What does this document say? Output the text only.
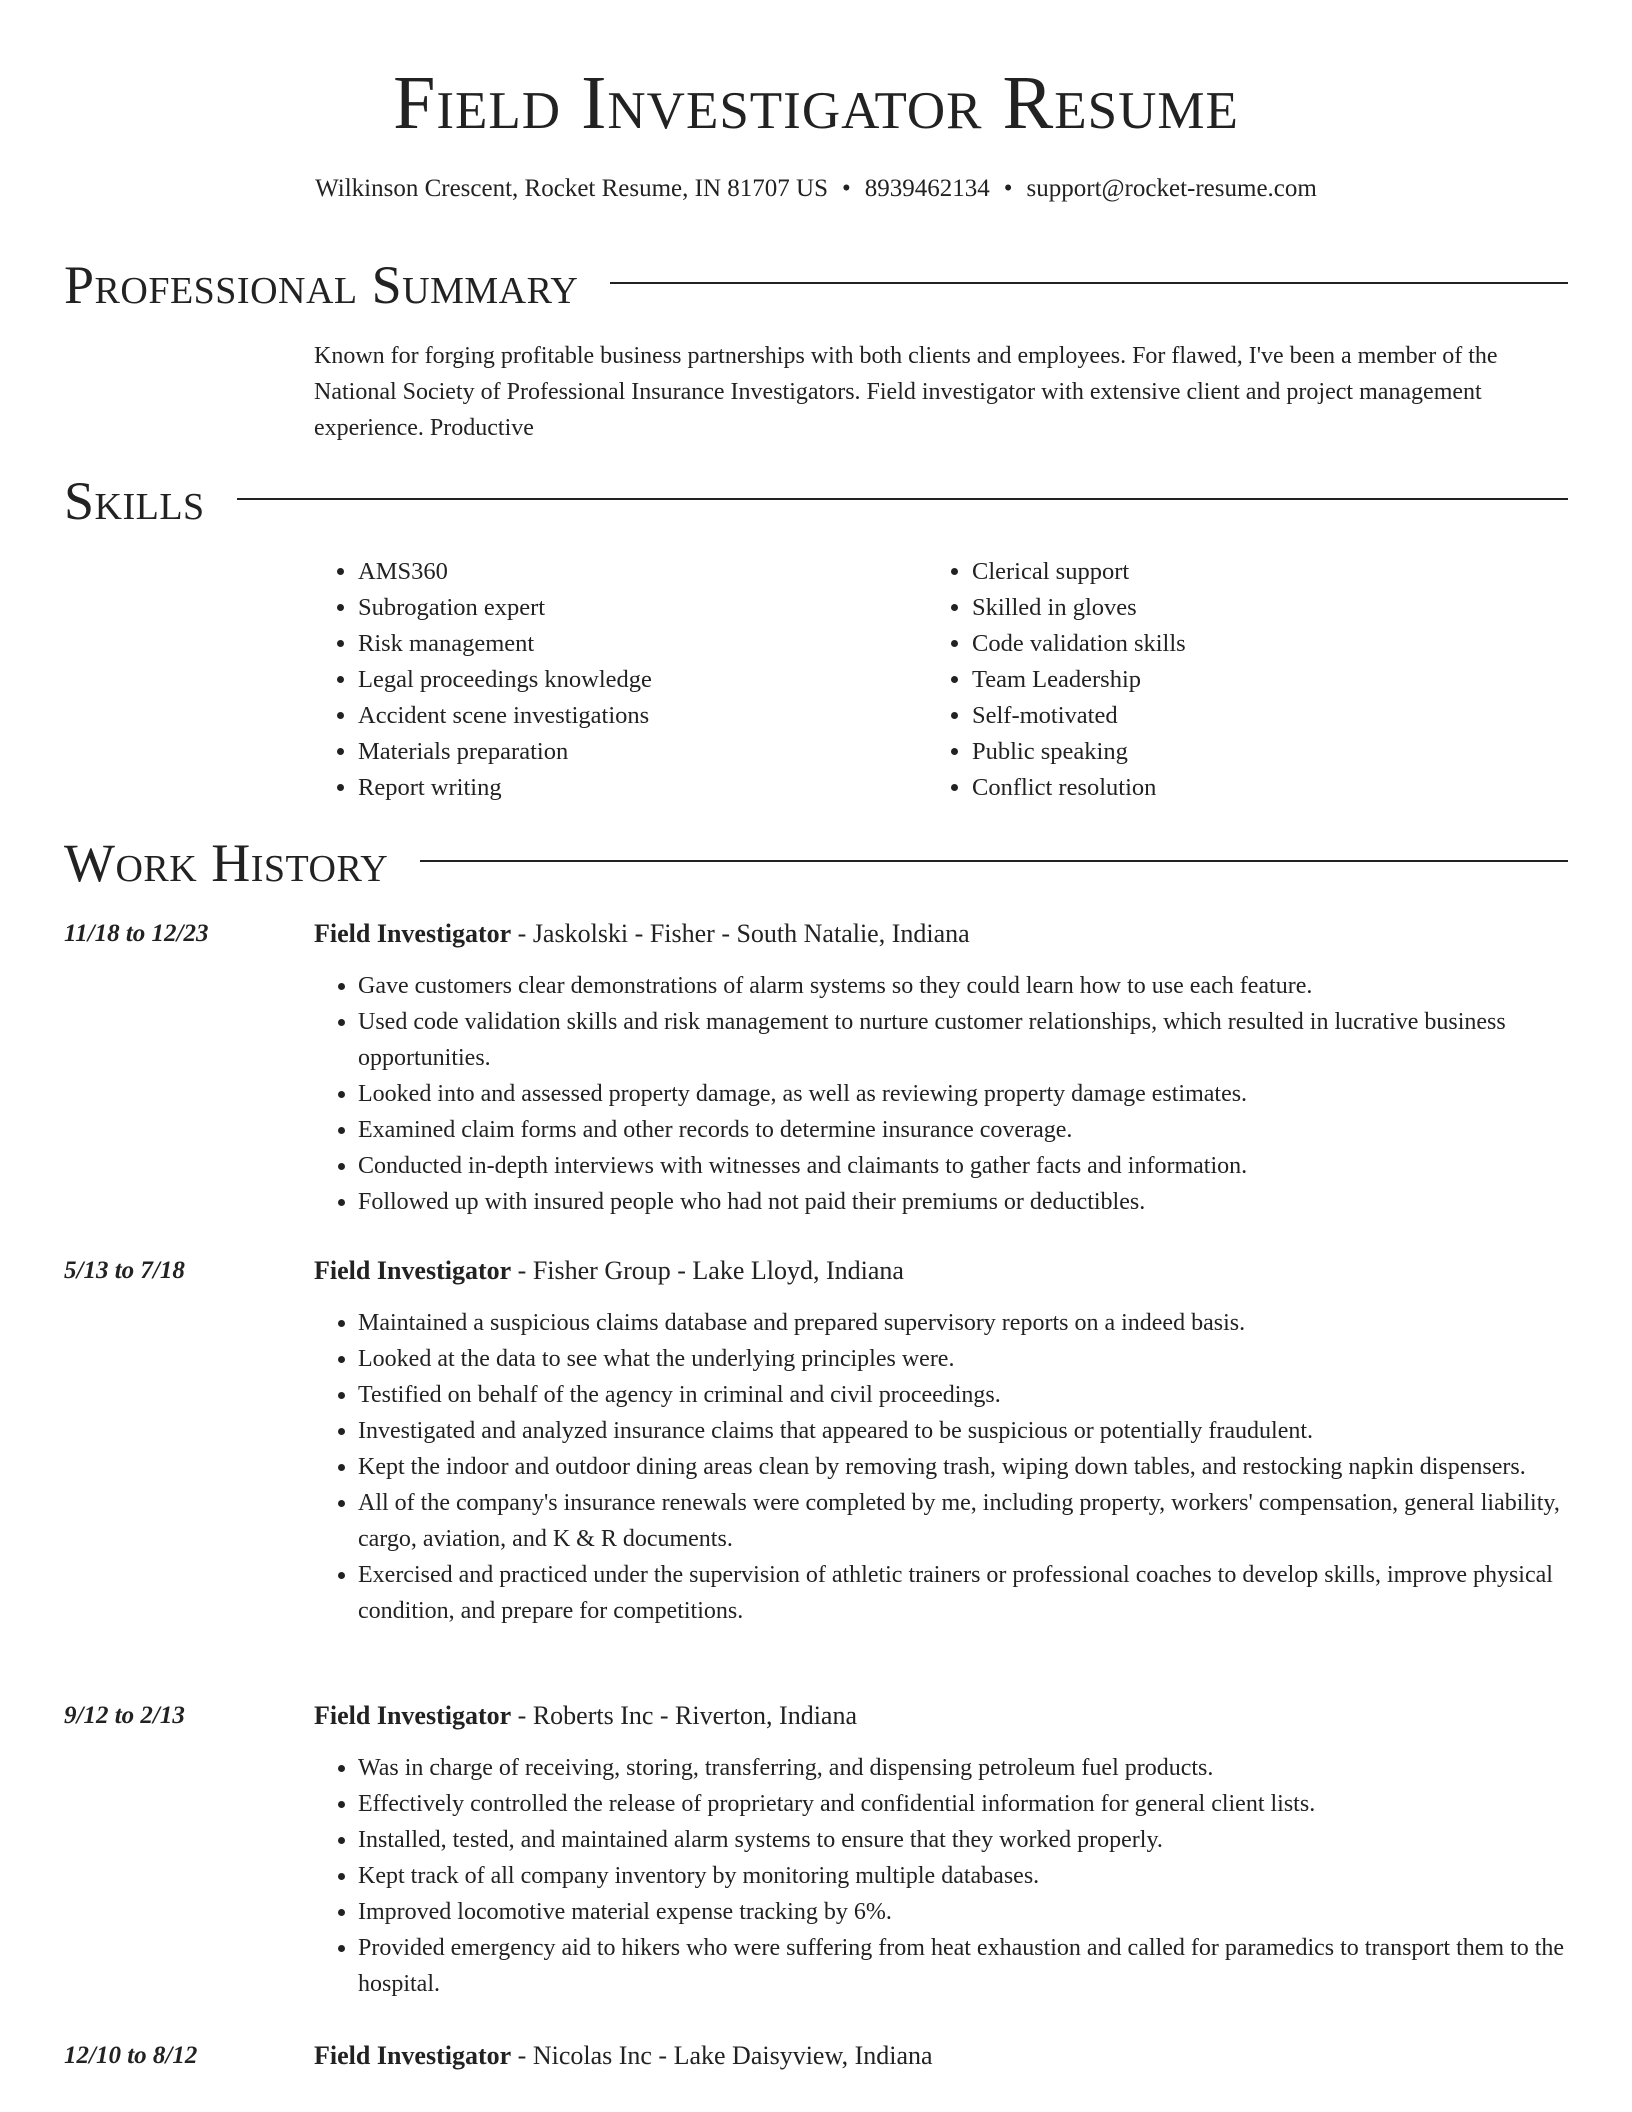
Field Investigator Resume
Wilkinson Crescent, Rocket Resume, IN 81707 US • 8939462134 • support@rocket-resume.com
Professional Summary

Known for forging profitable business partnerships with both clients and employees. For flawed, I've been a member of the National Society of Professional Insurance Investigators. Field investigator with extensive client and project management experience. Productive

Skills
• AMS360
• Subrogation expert
• Risk management
• Legal proceedings knowledge
• Accident scene investigations
• Materials preparation
• Report writing
• Clerical support
• Skilled in gloves
• Code validation skills
• Team Leadership
• Self-motivated
• Public speaking
• Conflict resolution
Work History
11/18 to 12/23	Field Investigator - Jaskolski - Fisher - South Natalie, Indiana
• Gave customers clear demonstrations of alarm systems so they could learn how to use each feature.
• Used code validation skills and risk management to nurture customer relationships, which resulted in lucrative business opportunities.
• Looked into and assessed property damage, as well as reviewing property damage estimates.
• Examined claim forms and other records to determine insurance coverage.
• Conducted in-depth interviews with witnesses and claimants to gather facts and information.
• Followed up with insured people who had not paid their premiums or deductibles.
5/13 to 7/18	Field Investigator - Fisher Group - Lake Lloyd, Indiana
• Maintained a suspicious claims database and prepared supervisory reports on a indeed basis.
• Looked at the data to see what the underlying principles were.
• Testified on behalf of the agency in criminal and civil proceedings.
• Investigated and analyzed insurance claims that appeared to be suspicious or potentially fraudulent.
• Kept the indoor and outdoor dining areas clean by removing trash, wiping down tables, and restocking napkin dispensers.
• All of the company's insurance renewals were completed by me, including property, workers' compensation, general liability, cargo, aviation, and K & R documents.
• Exercised and practiced under the supervision of athletic trainers or professional coaches to develop skills, improve physical condition, and prepare for competitions.
9/12 to 2/13	Field Investigator - Roberts Inc - Riverton, Indiana
• Was in charge of receiving, storing, transferring, and dispensing petroleum fuel products.
• Effectively controlled the release of proprietary and confidential information for general client lists.
• Installed, tested, and maintained alarm systems to ensure that they worked properly.
• Kept track of all company inventory by monitoring multiple databases.
• Improved locomotive material expense tracking by 6%.
• Provided emergency aid to hikers who were suffering from heat exhaustion and called for paramedics to transport them to the hospital.
12/10 to 8/12	Field Investigator - Nicolas Inc - Lake Daisyview, Indiana
